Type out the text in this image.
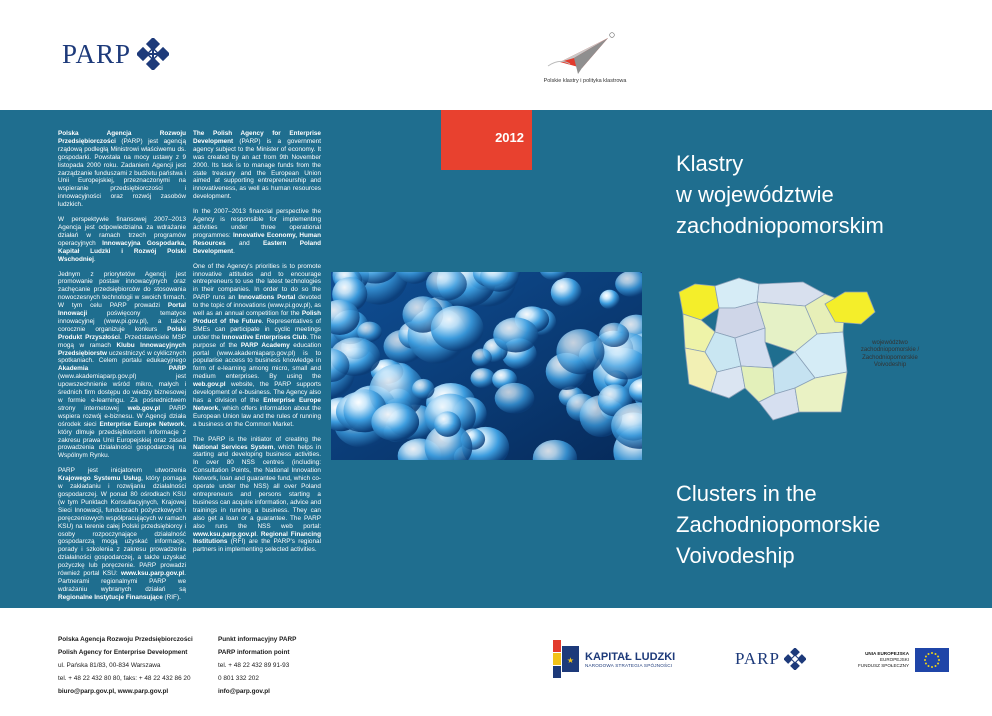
PARP
Polskie klastry i polityka klastrowa
2012

Polska Agencja Rozwoju Przedsiębiorczości (PARP) jest agencją rządową podległą Ministrowi właściwemu ds. gospodarki. Powstała na mocy ustawy z 9 listopada 2000 roku. Zadaniem Agencji jest zarządzanie funduszami z budżetu państwa i Unii Europejskiej, przeznaczonymi na wspieranie przedsiębiorczości i innowacyjności oraz rozwój zasobów ludzkich.

W perspektywie finansowej 2007–2013 Agencja jest odpowiedzialna za wdrażanie działań w ramach trzech programów operacyjnych Innowacyjna Gospodarka, Kapitał Ludzki i Rozwój Polski Wschodniej.

Jednym z priorytetów Agencji jest promowanie postaw innowacyjnych oraz zachęcanie przedsiębiorców do stosowania nowoczesnych technologii w swoich firmach. W tym celu PARP prowadzi Portal Innowacji poświęcony tematyce innowacyjnej (www.pi.gov.pl), a także corocznie organizuje konkurs Polski Produkt Przyszłości. Przedstawiciele MSP mogą w ramach Klubu Innowacyjnych Przedsiębiorstw uczestniczyć w cyklicznych spotkaniach. Celem portalu edukacyjnego Akademia PARP (www.akademiaparp.gov.pl) jest upowszechnienie wśród mikro, małych i średnich firm dostępu do wiedzy biznesowej w formie e-learningu. Za pośrednictwem strony internetowej web.gov.pl PARP wspiera rozwój e-biznesu. W Agencji działa ośrodek sieci Enterprise Europe Network, który dlmuje przedsiębiorcom informacje z zakresu prawa Unii Europejskiej oraz zasad prowadzenia działalności gospodarczej na Wspólnym Rynku.

PARP jest inicjatorem utworzenia Krajowego Systemu Usług, który pomaga w zakładaniu i rozwijaniu działalności gospodarczej. W ponad 80 ośrodkach KSU (w tym Punktach Konsultacyjnych, Krajowej Sieci Innowacji, funduszach pożyczkowych i poręczeniowych współpracujących w ramach KSU) na terenie całej Polski przedsiębiorcy i osoby rozpoczynające działalność gospodarczą mogą uzyskać informacje, porady i szkolenia z zakresu prowadzenia działalności gospodarczej, a także uzyskać pożyczkę lub poręczenie. PARP prowadzi również portal KSU: www.ksu.parp.gov.pl. Partnerami regionalnymi PARP we wdrażaniu wybranych działań są Regionalne Instytucje Finansujące (RIF).

The Polish Agency for Enterprise Development (PARP) is a government agency subject to the Minister of economy. It was created by an act from 9th November 2000. Its task is to manage funds from the state treasury and the European Union aimed at supporting entrepreneurship and innovativeness, as well as human resources development.

In the 2007–2013 financial perspective the Agency is responsible for implementing activities under three operational programmes: Innovative Economy, Human Resources and Eastern Poland Development.

One of the Agency's priorities is to promote innovative attitudes and to encourage entrepreneurs to use the latest technologies in their companies. In order to do so the PARP runs an Innovations Portal devoted to the topic of innovations (www.pi.gov.pl), as well as an annual competition for the Polish Product of the Future. Representatives of SMEs can participate in cyclic meetings under the Innovative Enterprises Club. The purpose of the PARP Academy education portal (www.akademiaparp.gov.pl) is to popularise access to business knowledge in form of e-learning among micro, small and medium enterprises. By using the web.gov.pl website, the PARP supports development of e-business. The Agency also has a division of the Enterprise Europe Network, which offers information about the European Union law and the rules of running a business on the Common Market.

The PARP is the initiator of creating the National Services System, which helps in starting and developing business activities. In over 80 NSS centres (including: Consultation Points, the National Innovation Network, loan and guarantee fund, which co-operate under the NSS) all over Poland entrepreneurs and persons starting a business can acquire information, advice and trainings in running a business. They can also get a loan or a guarantee. The PARP also runs the NSS web portal: www.ksu.parp.gov.pl. Regional Financing Institutions (RFI) are the PARP's regional partners in implementing selected activities.

Klastry
w województwie
zachodniopomorskim
Clusters in the
Zachodniopomorskie
Voivodeship
województwo zachodniopomorskie / Zachodniopomorskie Voivodeship
Polska Agencja Rozwoju Przedsiębiorczości
Polish Agency for Enterprise Development
ul. Pańska 81/83, 00-834 Warszawa
tel. + 48 22 432 80 80, faks: + 48 22 432 86 20
biuro@parp.gov.pl, www.parp.gov.pl
Punkt informacyjny PARP
PARP information point
tel. + 48 22 432 89 91-93
0 801 332 202
info@parp.gov.pl
★ KAPITAŁ LUDZKI
NARODOWA STRATEGIA SPÓJNOŚCI	PARP	UNIA EUROPEJSKA
EUROPEJSKI
FUNDUSZ SPOŁECZNY
